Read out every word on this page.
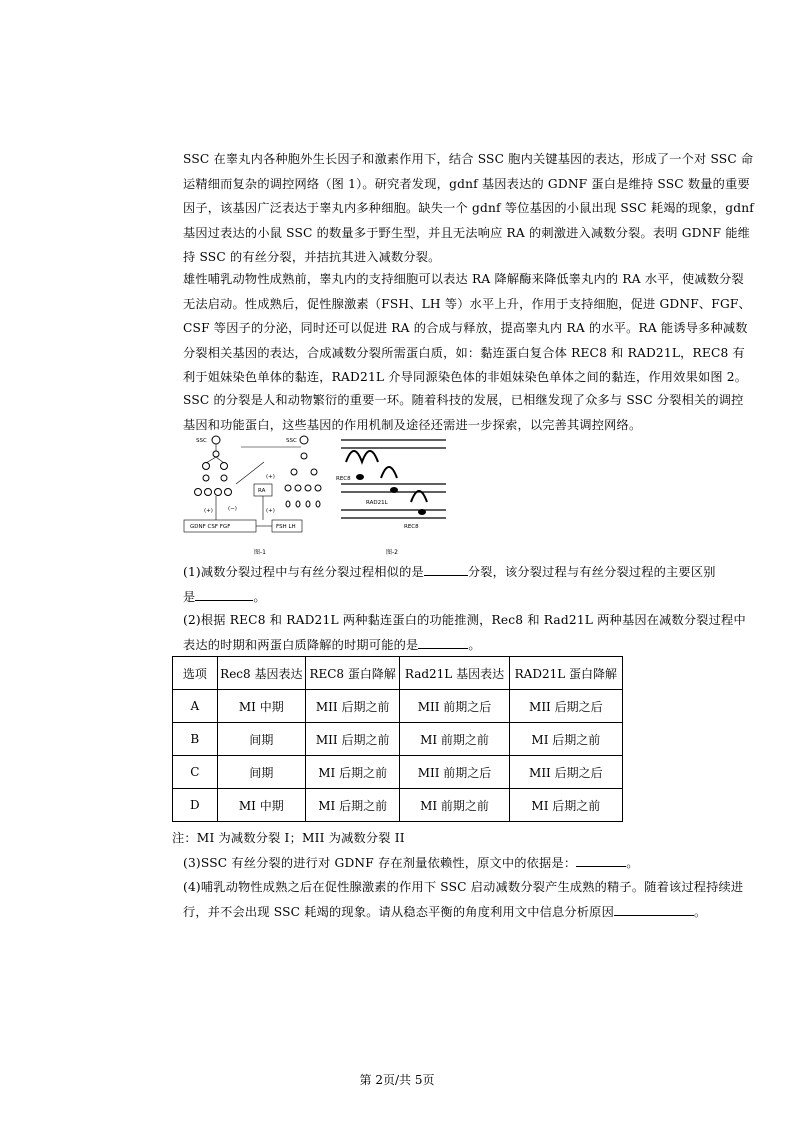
SSC 在睾丸内各种胞外生长因子和激素作用下，结合 SSC 胞内关键基因的表达，形成了一个对 SSC 命运精细而复杂的调控网络（图 1）。研究者发现，gdnf 基因表达的 GDNF 蛋白是维持 SSC 数量的重要因子，该基因广泛表达于睾丸内多种细胞。缺失一个 gdnf 等位基因的小鼠出现 SSC 耗竭的现象，gdnf 基因过表达的小鼠 SSC 的数量多于野生型，并且无法响应 RA 的刺激进入减数分裂。表明 GDNF 能维持 SSC 的有丝分裂，并拮抗其进入减数分裂。
雄性哺乳动物性成熟前，睾丸内的支持细胞可以表达 RA 降解酶来降低睾丸内的 RA 水平，使减数分裂无法启动。性成熟后，促性腺激素（FSH、LH 等）水平上升，作用于支持细胞，促进 GDNF、FGF、CSF 等因子的分泌，同时还可以促进 RA 的合成与释放，提高睾丸内 RA 的水平。RA 能诱导多种减数分裂相关基因的表达，合成减数分裂所需蛋白质，如：黏连蛋白复合体 REC8 和 RAD21L，REC8 有利于姐妹染色单体的黏连，RAD21L 介导同源染色体的非姐妹染色单体之间的黏连，作用效果如图 2。
SSC 的分裂是人和动物繁衍的重要一环。随着科技的发展，已相继发现了众多与 SSC 分裂相关的调控基因和功能蛋白，这些基因的作用机制及途径还需进一步探索，以完善其调控网络。
SSC
RA
(+)
(−)
(+)	(+)
GDNF CSF FGF	FSH LH
SSC
图-1
REC8
RAD21L
REC8
图-2
(1)减数分裂过程中与有丝分裂过程相似的是	分裂，该分裂过程与有丝分裂过程的主要区别
是	。
(2)根据 REC8 和 RAD21L 两种黏连蛋白的功能推测，Rec8 和 Rad21L 两种基因在减数分裂过程中表达的时期和两蛋白质降解的时期可能的是	。
选项	Rec8 基因表达	REC8 蛋白降解	Rad21L 基因表达	RAD21L 蛋白降解
A	MI 中期	MII 后期之前	MII 前期之后	MII 后期之后
B	间期	MII 后期之前	MI 前期之前	MI 后期之前
C	间期	MI 后期之前	MII 前期之后	MII 后期之后
D	MI 中期	MI 后期之前	MI 前期之前	MI 后期之前
注：MI 为减数分裂 I；MII 为减数分裂 II
(3)SSC 有丝分裂的进行对 GDNF 存在剂量依赖性，原文中的依据是：	。
(4)哺乳动物性成熟之后在促性腺激素的作用下 SSC 启动减数分裂产生成熟的精子。随着该过程持续进行，并不会出现 SSC 耗竭的现象。请从稳态平衡的角度利用文中信息分析原因	。
第 2页/共 5页
